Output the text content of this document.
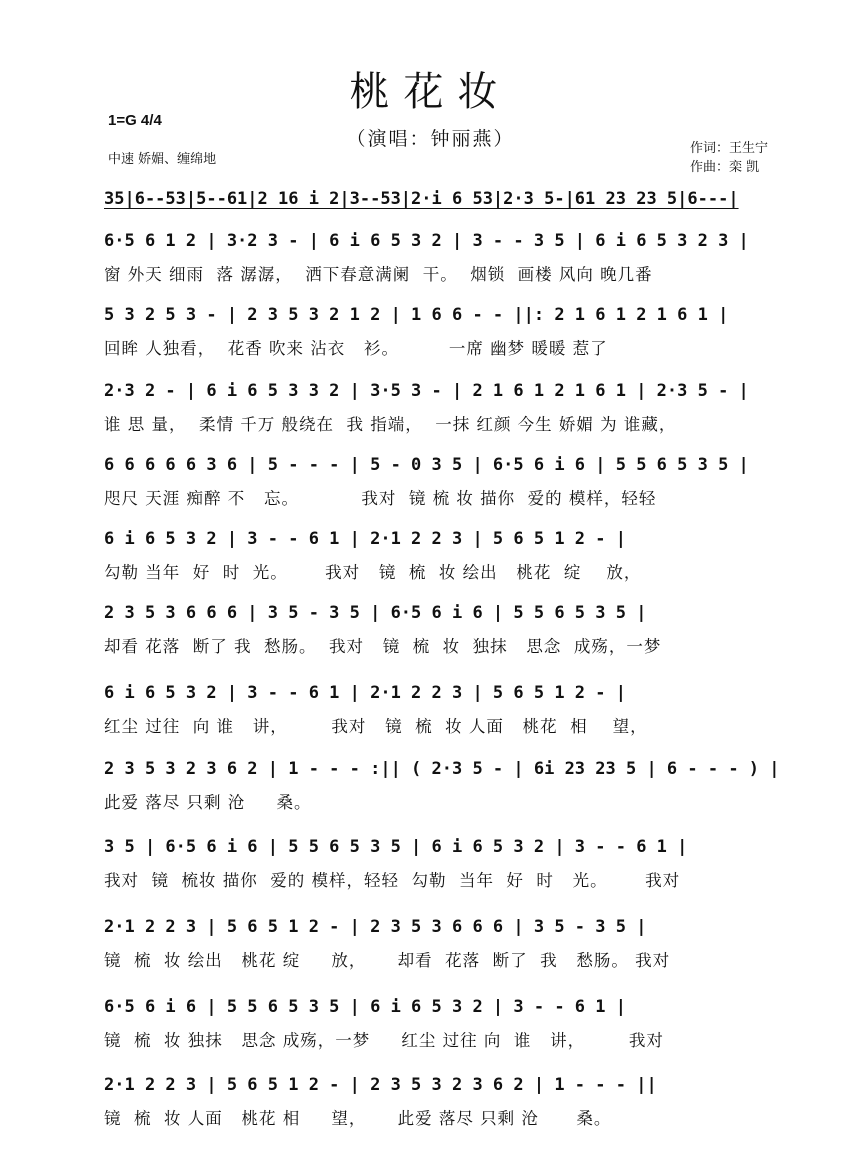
桃花妆
（演唱：钟丽燕）
1=G 4/4
中速 娇媚、缠绵地
作词：王生宁
作曲：栾 凯
35|6--53|5--61|2 16 i 2|3--53|2·i 6 53|2·3 5-|61 23 23 5|6---|
6·5 6 1 2 | 3·2 3 - | 6 i 6 5 3 2 | 3 - - 3 5 | 6 i 6 5 3 2 3 |
窗 外天 细雨  落 潺潺，  洒下春意满阑  干。  烟锁  画楼 风向 晚几番
5 3 2 5 3 - | 2 3 5 3 2 1 2 | 1 6 6 - - ||: 2 1 6 1 2 1 6 1 |
回眸 人独看，  花香 吹来 沾衣   衫。        一席 幽梦 暖暖 惹了
2·3 2 - | 6 i 6 5 3 3 2 | 3·5 3 - | 2 1 6 1 2 1 6 1 | 2·3 5 - |
谁 思 量，  柔情 千万 般绕在  我 指端，  一抹 红颜 今生 娇媚 为 谁藏，
6 6 6 6 6 3 6 | 5 - - - | 5 - 0 3 5 | 6·5 6 i 6 | 5 5 6 5 3 5 |
咫尺 天涯 痴醉 不   忘。          我对  镜 梳 妆 描你  爱的 模样，轻轻
6 i 6 5 3 2 | 3 - - 6 1 | 2·1 2 2 3 | 5 6 5 1 2 - |
勾勒 当年  好  时  光。      我对   镜  梳  妆 绘出   桃花  绽    放，
2 3 5 3 6 6 6 | 3 5 - 3 5 | 6·5 6 i 6 | 5 5 6 5 3 5 |
却看 花落  断了 我  愁肠。  我对   镜  梳  妆  独抹   思念  成殇，一梦
6 i 6 5 3 2 | 3 - - 6 1 | 2·1 2 2 3 | 5 6 5 1 2 - |
红尘 过往  向 谁   讲，       我对   镜  梳  妆 人面   桃花  相    望，
2 3 5 3 2 3 6 2 | 1 - - - :|| ( 2·3 5 - | 6i 23 23 5 | 6 - - - ) |
此爱 落尽 只剩 沧     桑。
3 5 | 6·5 6 i 6 | 5 5 6 5 3 5 | 6 i 6 5 3 2 | 3 - - 6 1 |
我对  镜  梳妆 描你  爱的 模样，轻轻  勾勒  当年  好  时   光。      我对
2·1 2 2 3 | 5 6 5 1 2 - | 2 3 5 3 6 6 6 | 3 5 - 3 5 |
镜  梳  妆 绘出   桃花 绽     放，     却看  花落  断了  我   愁肠。 我对
6·5 6 i 6 | 5 5 6 5 3 5 | 6 i 6 5 3 2 | 3 - - 6 1 |
镜  梳  妆 独抹   思念 成殇，一梦     红尘 过往 向  谁   讲，       我对
2·1 2 2 3 | 5 6 5 1 2 - | 2 3 5 3 2 3 6 2 | 1 - - - ||
镜  梳  妆 人面   桃花 相     望，     此爱 落尽 只剩 沧      桑。
